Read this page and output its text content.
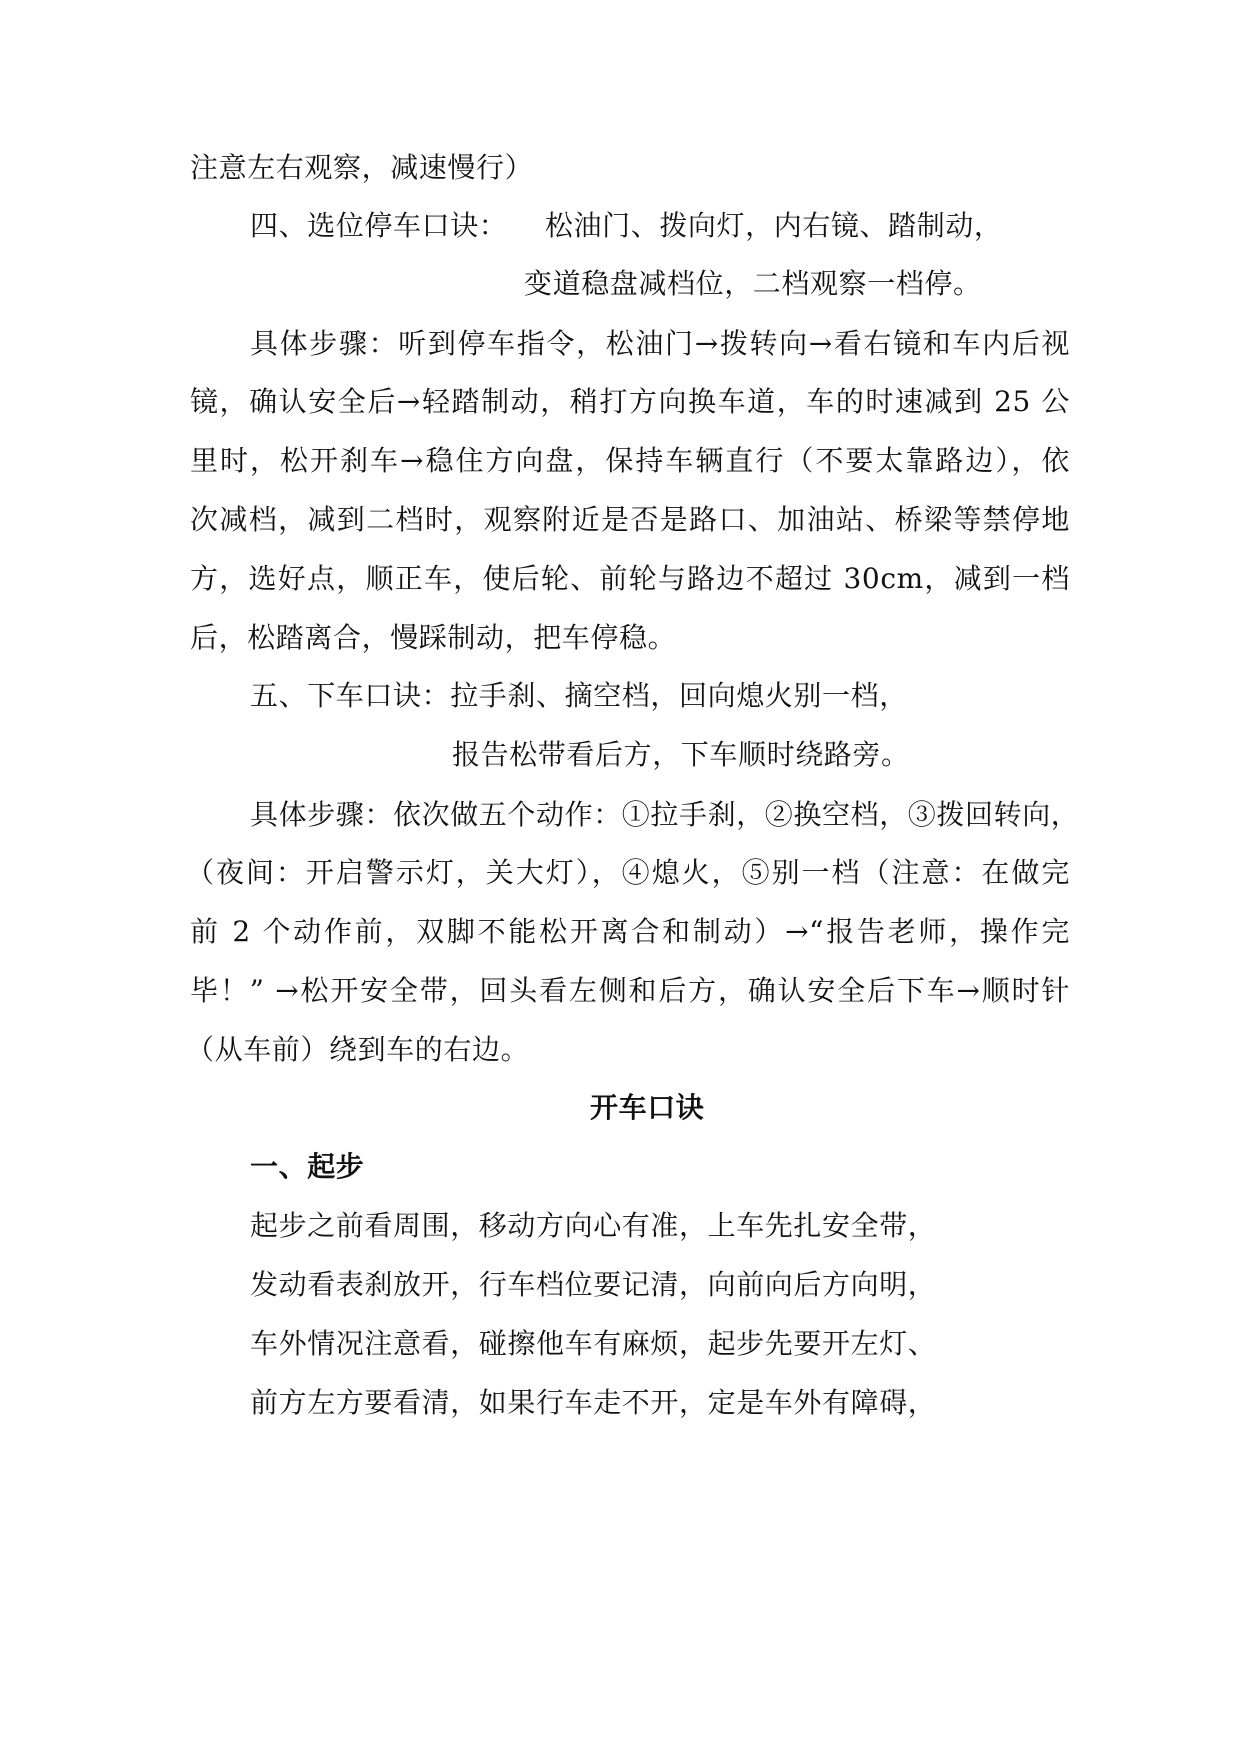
注意左右观察，减速慢行）
四、选位停车口诀： 松油门、拨向灯，内右镜、踏制动，
变道稳盘减档位，二档观察一档停。
具体步骤：听到停车指令，松油门→拨转向→看右镜和车内后视
镜，确认安全后→轻踏制动，稍打方向换车道，车的时速减到 25 公
里时，松开刹车→稳住方向盘，保持车辆直行（不要太靠路边），依
次减档，减到二档时，观察附近是否是路口、加油站、桥梁等禁停地
方，选好点，顺正车，使后轮、前轮与路边不超过 30cm，减到一档
后，松踏离合，慢踩制动，把车停稳。
五、下车口诀：拉手刹、摘空档，回向熄火别一档，
报告松带看后方，下车顺时绕路旁。
具体步骤：依次做五个动作：①拉手刹，②换空档，③拨回转向，
（夜间：开启警示灯，关大灯），④熄火，⑤别一档（注意：在做完
前 2 个动作前，双脚不能松开离合和制动）→“报告老师，操作完
毕！” →松开安全带，回头看左侧和后方，确认安全后下车→顺时针
（从车前）绕到车的右边。
开车口诀
一、起步
起步之前看周围，移动方向心有准，上车先扎安全带，
发动看表刹放开，行车档位要记清，向前向后方向明，
车外情况注意看，碰擦他车有麻烦，起步先要开左灯、
前方左方要看清，如果行车走不开，定是车外有障碍，
